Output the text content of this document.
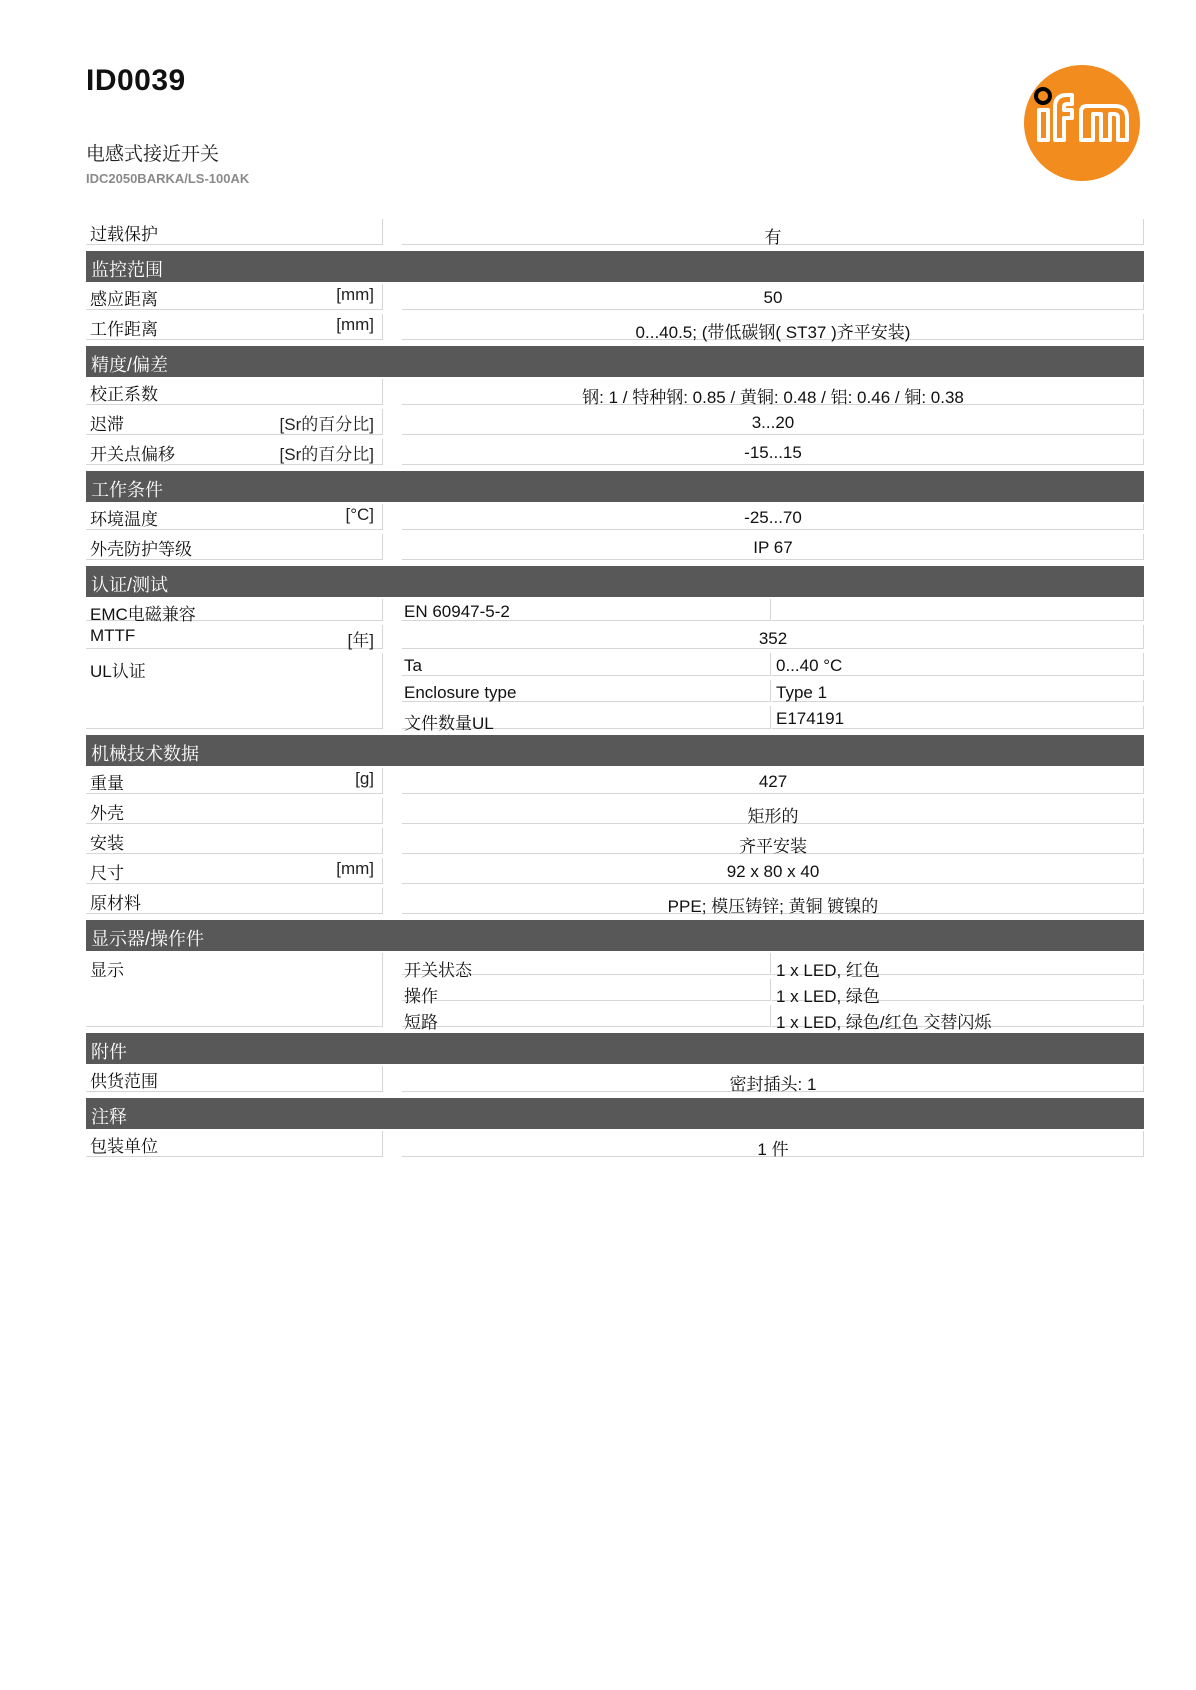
ID0039
电感式接近开关
IDC2050BARKA/LS-100AK
过载保护	有
监控范围
感应距离	[mm]	50
工作距离	[mm]	0...40.5; (带低碳钢( ST37 )齐平安装)
精度/偏差
校正系数	钢: 1 / 特种钢: 0.85 / 黄铜: 0.48 / 铝: 0.46 / 铜: 0.38
迟滞	[Sr的百分比]	3...20
开关点偏移	[Sr的百分比]	-15...15
工作条件
环境温度	[°C]	-25...70
外壳防护等级	IP 67
认证/测试
EMC电磁兼容	EN 60947-5-2
MTTF	[年]	352
UL认证	Ta	0...40 °C
Enclosure type	Type 1
文件数量UL	E174191
机械技术数据
重量	[g]	427
外壳	矩形的
安装	齐平安装
尺寸	[mm]	92 x 80 x 40
原材料	PPE; 模压铸锌; 黄铜 镀镍的
显示器/操作件
显示	开关状态	1 x LED, 红色
操作	1 x LED, 绿色
短路	1 x LED, 绿色/红色 交替闪烁
附件
供货范围	密封插头: 1
注释
包装单位	1 件
